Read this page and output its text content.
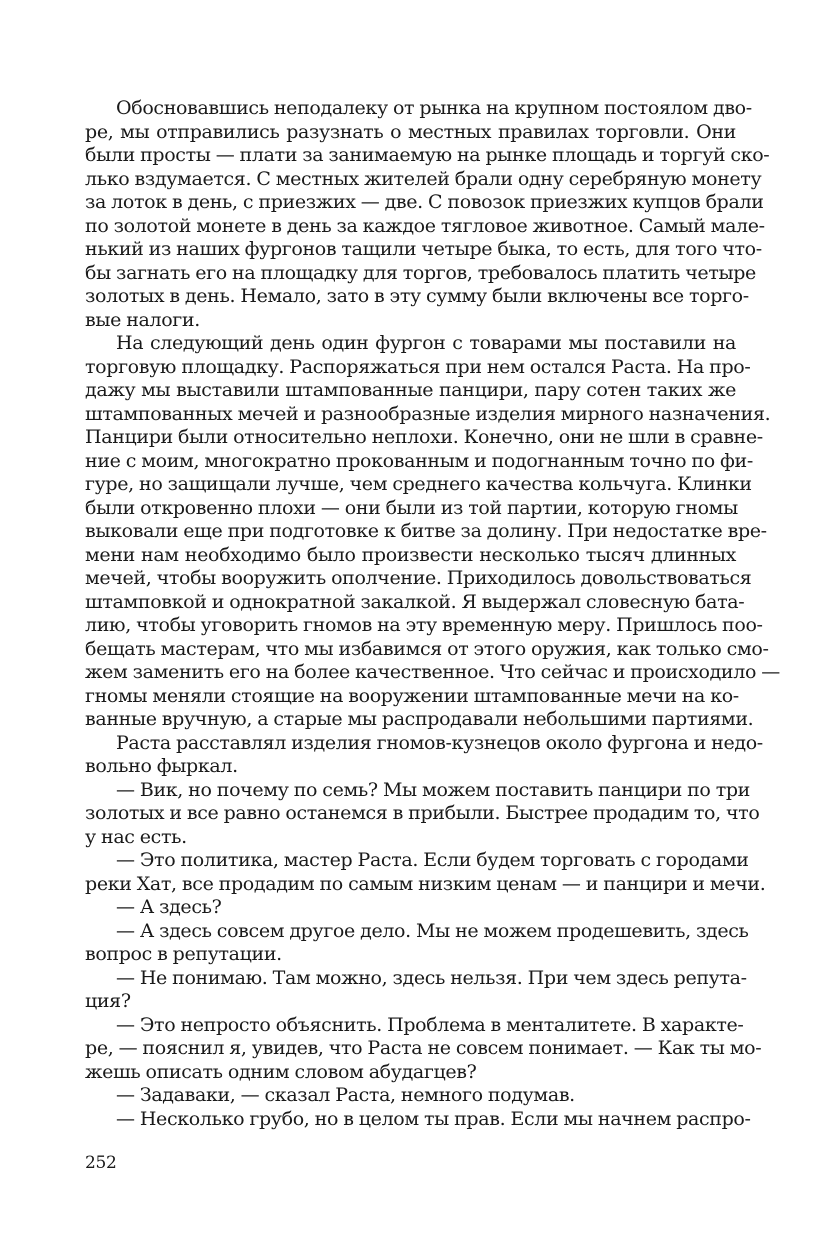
Обосновавшись неподалеку от рынка на крупном постоялом дво-
ре, мы отправились разузнать о местных правилах торговли. Они
были просты — плати за занимаемую на рынке площадь и торгуй ско-
лько вздумается. С местных жителей брали одну серебряную монету
за лоток в день, с приезжих — две. С повозок приезжих купцов брали
по золотой монете в день за каждое тягловое животное. Самый мале-
нький из наших фургонов тащили четыре быка, то есть, для того что-
бы загнать его на площадку для торгов, требовалось платить четыре
золотых в день. Немало, зато в эту сумму были включены все торго-
вые налоги.
На следующий день один фургон с товарами мы поставили на
торговую площадку. Распоряжаться при нем остался Раста. На про-
дажу мы выставили штампованные панцири, пару сотен таких же
штампованных мечей и разнообразные изделия мирного назначения.
Панцири были относительно неплохи. Конечно, они не шли в сравне-
ние с моим, многократно прокованным и подогнанным точно по фи-
гуре, но защищали лучше, чем среднего качества кольчуга. Клинки
были откровенно плохи — они были из той партии, которую гномы
выковали еще при подготовке к битве за долину. При недостатке вре-
мени нам необходимо было произвести несколько тысяч длинных
мечей, чтобы вооружить ополчение. Приходилось довольствоваться
штамповкой и однократной закалкой. Я выдержал словесную бата-
лию, чтобы уговорить гномов на эту временную меру. Пришлось поо-
бещать мастерам, что мы избавимся от этого оружия, как только смо-
жем заменить его на более качественное. Что сейчас и происходило —
гномы меняли стоящие на вооружении штампованные мечи на ко-
ванные вручную, а старые мы распродавали небольшими партиями.
Раста расставлял изделия гномов-кузнецов около фургона и недо-
вольно фыркал.
— Вик, но почему по семь? Мы можем поставить панцири по три
золотых и все равно останемся в прибыли. Быстрее продадим то, что
у нас есть.
— Это политика, мастер Раста. Если будем торговать с городами
реки Хат, все продадим по самым низким ценам — и панцири и мечи.
— А здесь?
— А здесь совсем другое дело. Мы не можем продешевить, здесь
вопрос в репутации.
— Не понимаю. Там можно, здесь нельзя. При чем здесь репута-
ция?
— Это непросто объяснить. Проблема в менталитете. В характе-
ре, — пояснил я, увидев, что Раста не совсем понимает. — Как ты мо-
жешь описать одним словом абудагцев?
— Задаваки, — сказал Раста, немного подумав.
— Несколько грубо, но в целом ты прав. Если мы начнем распро-
252
